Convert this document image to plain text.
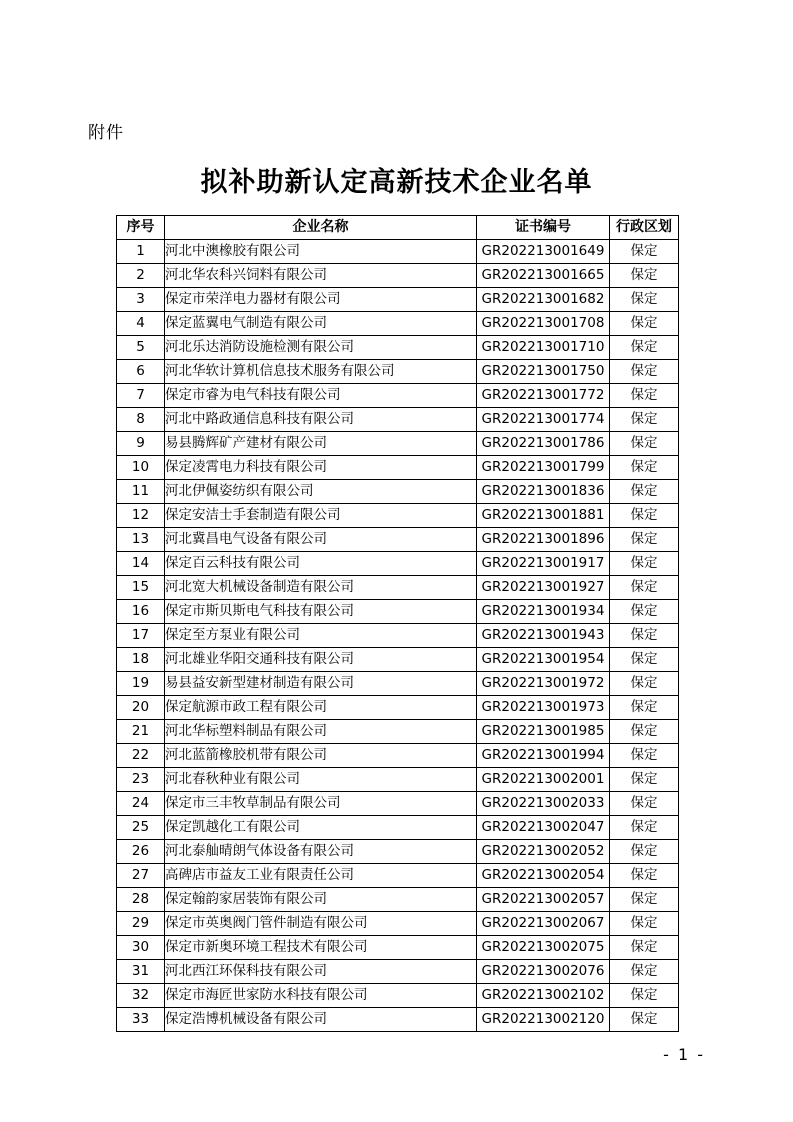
附件
拟补助新认定高新技术企业名单
序号	企业名称	证书编号	行政区划
1	河北中澳橡胶有限公司	GR202213001649	保定
2	河北华农科兴饲料有限公司	GR202213001665	保定
3	保定市荣洋电力器材有限公司	GR202213001682	保定
4	保定蓝翼电气制造有限公司	GR202213001708	保定
5	河北乐达消防设施检测有限公司	GR202213001710	保定
6	河北华软计算机信息技术服务有限公司	GR202213001750	保定
7	保定市睿为电气科技有限公司	GR202213001772	保定
8	河北中路政通信息科技有限公司	GR202213001774	保定
9	易县腾辉矿产建材有限公司	GR202213001786	保定
10	保定凌霄电力科技有限公司	GR202213001799	保定
11	河北伊佩姿纺织有限公司	GR202213001836	保定
12	保定安洁士手套制造有限公司	GR202213001881	保定
13	河北冀昌电气设备有限公司	GR202213001896	保定
14	保定百云科技有限公司	GR202213001917	保定
15	河北宽大机械设备制造有限公司	GR202213001927	保定
16	保定市斯贝斯电气科技有限公司	GR202213001934	保定
17	保定至方泵业有限公司	GR202213001943	保定
18	河北雄业华阳交通科技有限公司	GR202213001954	保定
19	易县益安新型建材制造有限公司	GR202213001972	保定
20	保定航源市政工程有限公司	GR202213001973	保定
21	河北华标塑料制品有限公司	GR202213001985	保定
22	河北蓝箭橡胶机带有限公司	GR202213001994	保定
23	河北春秋种业有限公司	GR202213002001	保定
24	保定市三丰牧草制品有限公司	GR202213002033	保定
25	保定凯越化工有限公司	GR202213002047	保定
26	河北泰舢晴朗气体设备有限公司	GR202213002052	保定
27	高碑店市益友工业有限责任公司	GR202213002054	保定
28	保定翰韵家居装饰有限公司	GR202213002057	保定
29	保定市英奥阀门管件制造有限公司	GR202213002067	保定
30	保定市新奥环境工程技术有限公司	GR202213002075	保定
31	河北西江环保科技有限公司	GR202213002076	保定
32	保定市海匠世家防水科技有限公司	GR202213002102	保定
33	保定浩博机械设备有限公司	GR202213002120	保定
- 1 -
